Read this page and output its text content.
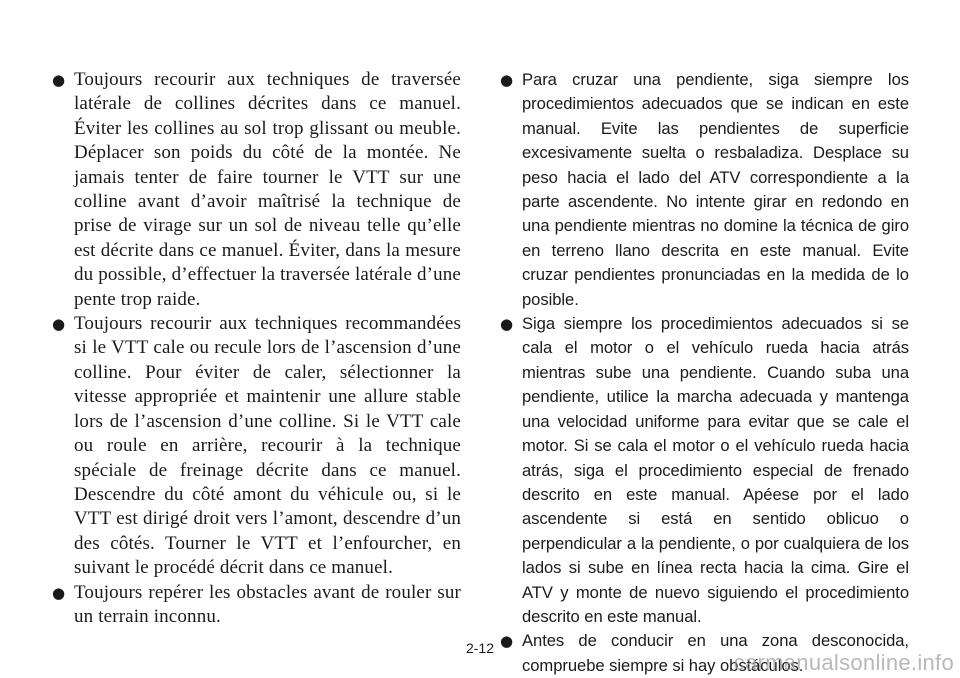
● Toujours recourir aux techniques de traversée latérale de collines décrites dans ce manuel. Éviter les collines au sol trop glissant ou meuble. Déplacer son poids du côté de la montée. Ne jamais tenter de faire tourner le VTT sur une colline avant d’avoir maîtrisé la technique de prise de virage sur un sol de niveau telle qu’elle est décrite dans ce manuel. Éviter, dans la mesure du possible, d’effectuer la traversée latérale d’une pente trop raide.
● Toujours recourir aux techniques recommandées si le VTT cale ou recule lors de l’ascension d’une colline. Pour éviter de caler, sélectionner la vitesse appropriée et maintenir une allure stable lors de l’ascension d’une colline. Si le VTT cale ou roule en arrière, recourir à la technique spéciale de freinage décrite dans ce manuel. Descendre du côté amont du véhicule ou, si le VTT est dirigé droit vers l’amont, descendre d’un des côtés. Tourner le VTT et l’enfourcher, en suivant le procédé décrit dans ce manuel.
● Toujours repérer les obstacles avant de rouler sur un terrain inconnu.
● Para cruzar una pendiente, siga siempre los procedimientos adecuados que se indican en este manual. Evite las pendientes de superficie excesivamente suelta o resbaladiza. Desplace su peso hacia el lado del ATV correspondiente a la parte ascendente. No intente girar en redondo en una pendiente mientras no domine la técnica de giro en terreno llano descrita en este manual. Evite cruzar pendientes pronunciadas en la medida de lo posible.
● Siga siempre los procedimientos adecuados si se cala el motor o el vehículo rueda hacia atrás mientras sube una pendiente. Cuando suba una pendiente, utilice la marcha adecuada y mantenga una velocidad uniforme para evitar que se cale el motor. Si se cala el motor o el vehículo rueda hacia atrás, siga el procedimiento especial de frenado descrito en este manual. Apéese por el lado ascendente si está en sentido oblicuo o perpendicular a la pendiente, o por cualquiera de los lados si sube en línea recta hacia la cima. Gire el ATV y monte de nuevo siguiendo el procedimiento descrito en este manual.
● Antes de conducir en una zona desconocida, compruebe siempre si hay obstáculos.
2-12
carmanualsonline.info
